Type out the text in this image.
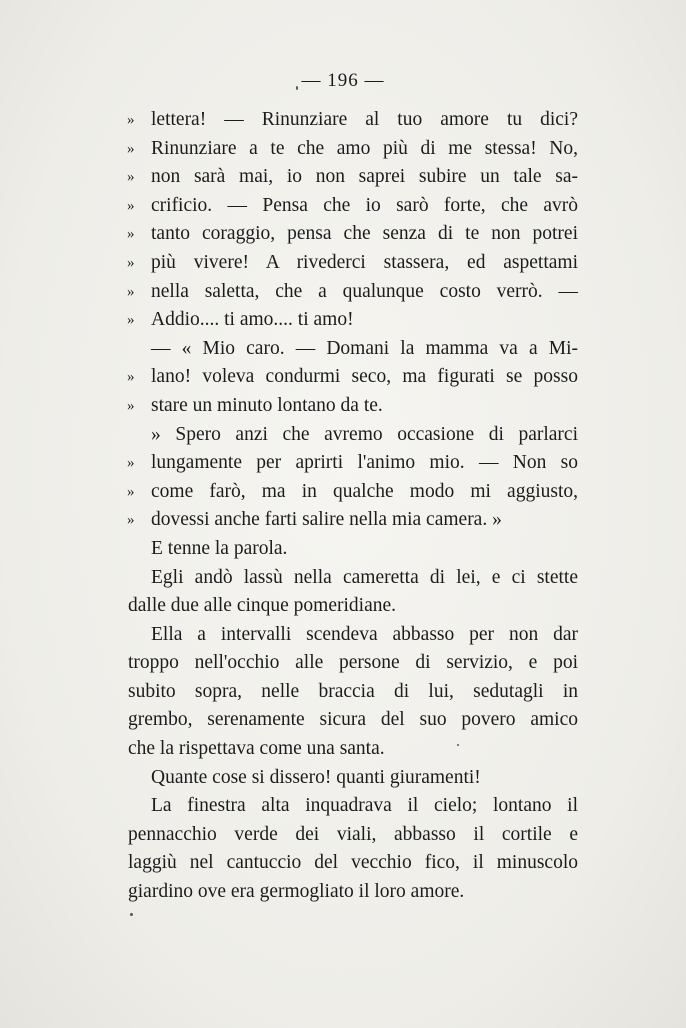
— 196 —
» lettera! — Rinunziare al tuo amore tu dici?
» Rinunziare a te che amo più di me stessa! No,
» non sarà mai, io non saprei subire un tale sa-
» crificio. — Pensa che io sarò forte, che avrò
» tanto coraggio, pensa che senza di te non potrei
» più vivere! A rivederci stassera, ed aspettami
» nella saletta, che a qualunque costo verrò. —
» Addio.... ti amo.... ti amo!
— « Mio caro. — Domani la mamma va a Mi-
» lano! voleva condurmi seco, ma figurati se posso
» stare un minuto lontano da te.
» Spero anzi che avremo occasione di parlarci
» lungamente per aprirti l'animo mio. — Non so
» come farò, ma in qualche modo mi aggiusto,
» dovessi anche farti salire nella mia camera. »
E tenne la parola.
Egli andò lassù nella cameretta di lei, e ci stette
dalle due alle cinque pomeridiane.
Ella a intervalli scendeva abbasso per non dar
troppo nell'occhio alle persone di servizio, e poi
subito sopra, nelle braccia di lui, sedutagli in
grembo, serenamente sicura del suo povero amico
che la rispettava come una santa.
Quante cose si dissero! quanti giuramenti!
La finestra alta inquadrava il cielo; lontano il
pennacchio verde dei viali, abbasso il cortile e
laggiù nel cantuccio del vecchio fico, il minuscolo
giardino ove era germogliato il loro amore.
